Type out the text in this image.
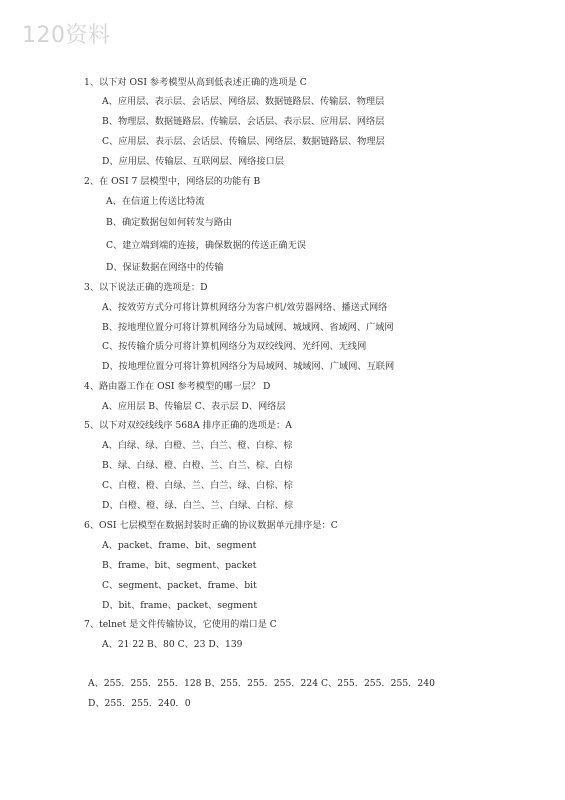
120资料
1、以下对 OSI 参考模型从高到低表述正确的选项是 C
A、应用层、表示层、会话层、网络层、数据链路层、传输层、物理层
B、物理层、数据链路层、传输层、会话层、表示层、应用层、网络层
C、应用层、表示层、会话层、传输层、网络层、数据链路层、物理层
D、应用层、传输层、互联网层、网络接口层
2、在 OSI 7 层模型中，网络层的功能有 B
A、在信道上传送比特流
B、确定数据包如何转发与路由
C、建立端到端的连接，确保数据的传送正确无误
D、保证数据在网络中的传输
3、以下说法正确的选项是：D
A、按效劳方式分可将计算机网络分为客户机/效劳器网络、播送式网络
B、按地理位置分可将计算机网络分为局域网、城域网、省域网、广域网
C、按传输介质分可将计算机网络分为双绞线网、光纤网、无线网
D、按地理位置分可将计算机网络分为局域网、城域网、广域网、互联网
4、路由器工作在 OSI 参考模型的哪一层？ D
A、应用层 B、传输层 C、表示层 D、网络层
5、以下对双绞线线序 568A 排序正确的选项是：A
A、白绿、绿、白橙、兰、白兰、橙、白棕、棕
B、绿、白绿、橙、白橙、兰、白兰、棕、白棕
C、白橙、橙、白绿、兰、白兰、绿、白棕、棕
D、白橙、橙、绿、白兰、兰、白绿、白棕、棕
6、OSI 七层模型在数据封装时正确的协议数据单元排序是：C
A、packet、frame、bit、segment
B、frame、bit、segment、packet
C、segment、packet、frame、bit
D、bit、frame、packet、segment
7、telnet 是文件传输协议，它使用的端口是 C
A、21 22 B、80 C、23 D、139
A、255．255．255．128 B、255．255．255．224 C、255．255．255．240
D、255．255．240．0
